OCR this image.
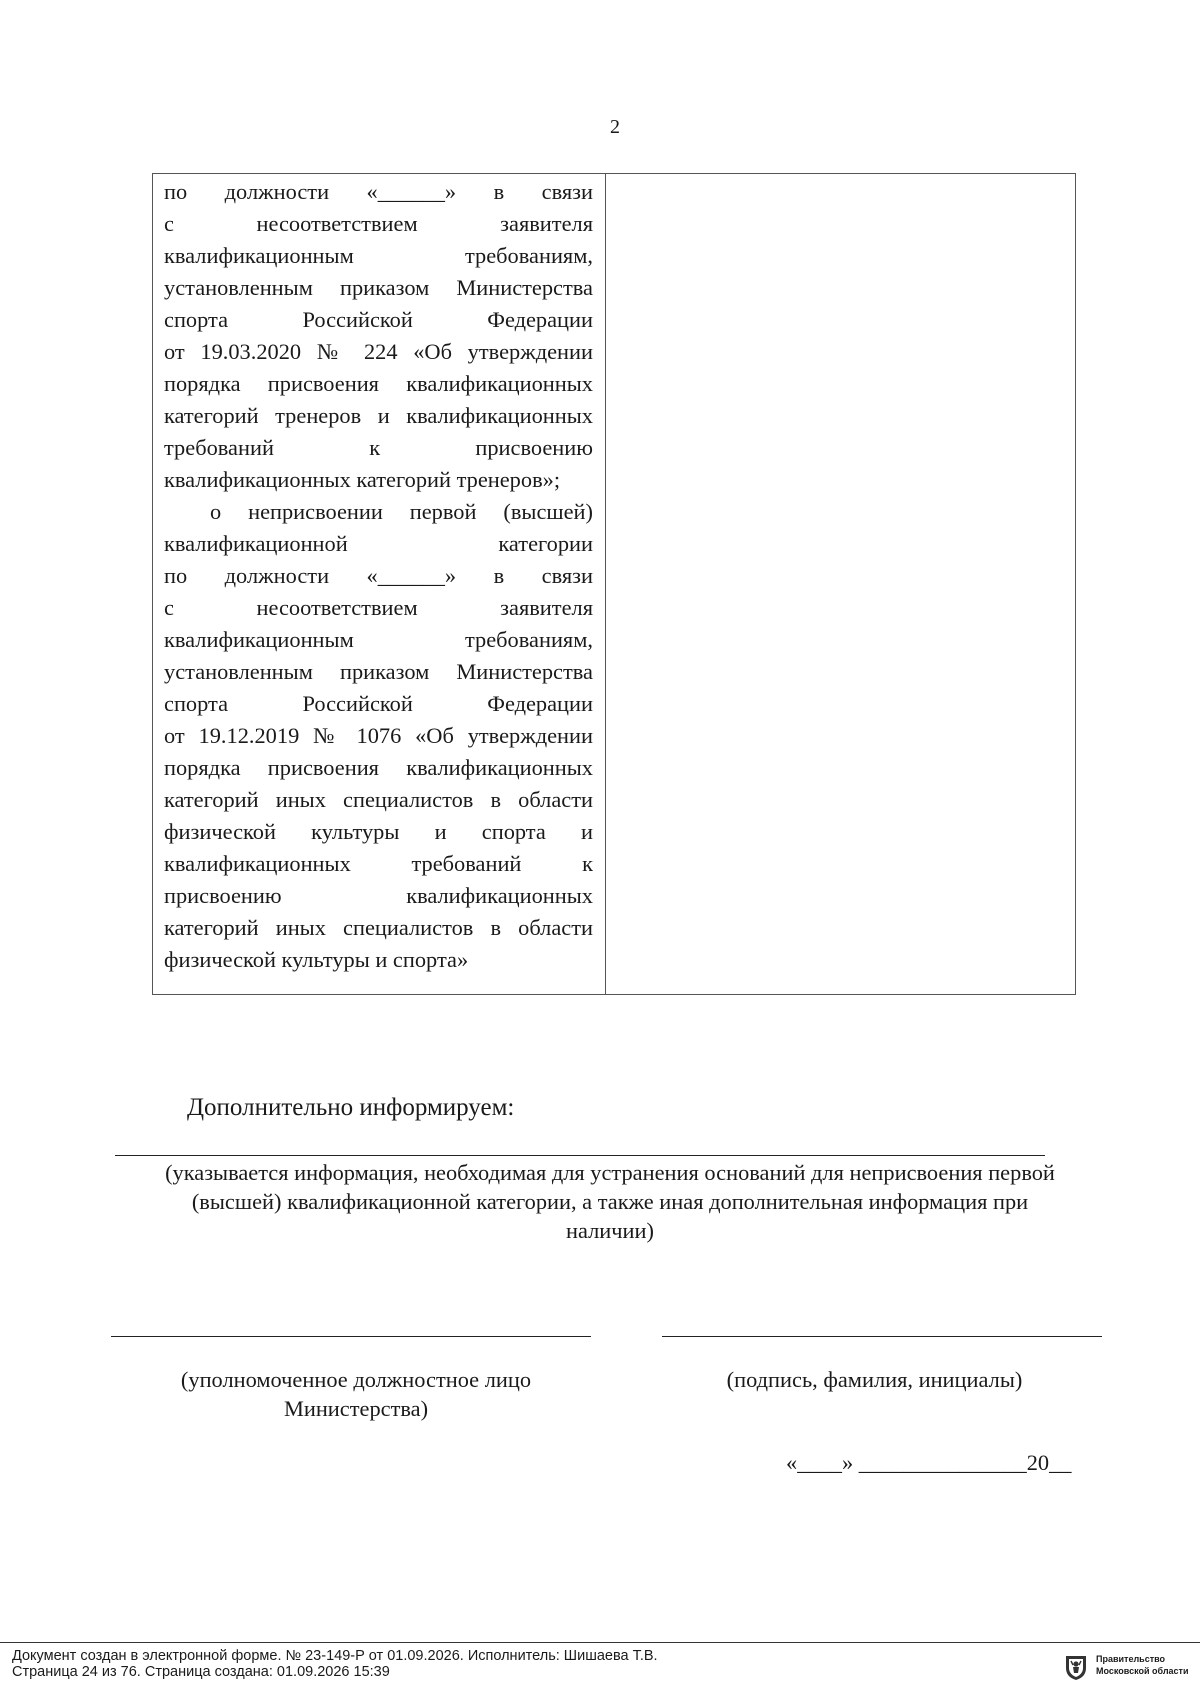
2
по должности «______» в связи
с несоответствием заявителя
квалификационным требованиям,
установленным приказом Министерства
спорта Российской Федерации
от 19.03.2020 № 224 «Об утверждении
порядка присвоения квалификационных
категорий тренеров и квалификационных
требований к присвоению
квалификационных категорий тренеров»;
о неприсвоении первой (высшей)
квалификационной категории
по должности «______» в связи
с несоответствием заявителя
квалификационным требованиям,
установленным приказом Министерства
спорта Российской Федерации
от 19.12.2019 № 1076 «Об утверждении
порядка присвоения квалификационных
категорий иных специалистов в области
физической культуры и спорта и
квалификационных требований к
присвоению квалификационных
категорий иных специалистов в области
физической культуры и спорта»

Дополнительно информируем:
(указывается информация, необходимая для устранения оснований для неприсвоения первой
(высшей) квалификационной категории, а также иная дополнительная информация при
наличии)
(уполномоченное должностное лицо
Министерства)
(подпись, фамилия, инициалы)
«____» _______________20__
Документ создан в электронной форме. № 23-149-Р от 01.09.2026. Исполнитель: Шишаева Т.В.
Страница 24 из 76. Страница создана: 01.09.2026 15:39
Правительство
Московской области
